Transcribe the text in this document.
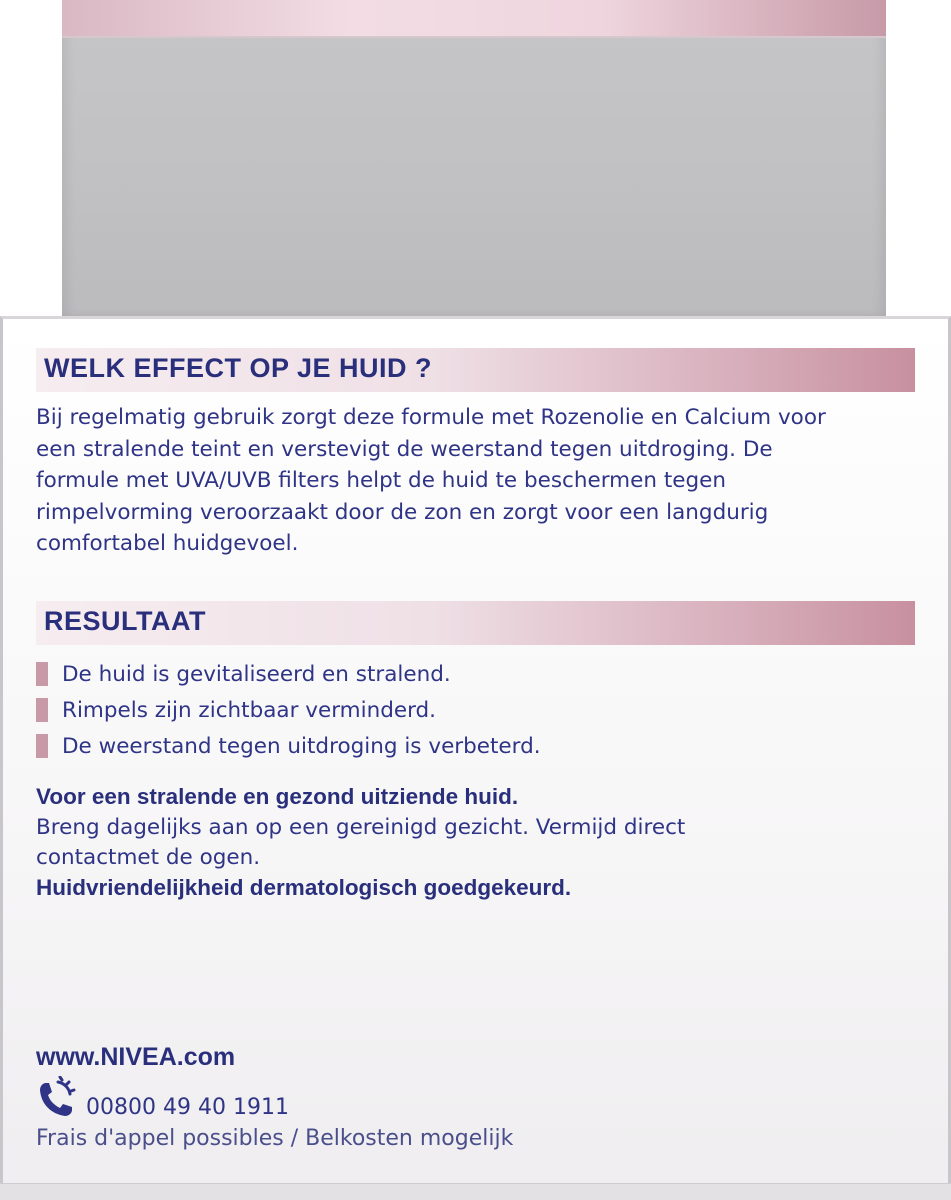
WELK EFFECT OP JE HUID ?
Bij regelmatig gebruik zorgt deze formule met Rozenolie en Calcium voor
een stralende teint en verstevigt de weerstand tegen uitdroging. De
formule met UVA/UVB filters helpt de huid te beschermen tegen
rimpelvorming veroorzaakt door de zon en zorgt voor een langdurig
comfortabel huidgevoel.
RESULTAAT
De huid is gevitaliseerd en stralend.
Rimpels zijn zichtbaar verminderd.
De weerstand tegen uitdroging is verbeterd.
Voor een stralende en gezond uitziende huid.
Breng dagelijks aan op een gereinigd gezicht. Vermijd direct
contactmet de ogen.
Huidvriendelijkheid dermatologisch goedgekeurd.
www.NIVEA.com
00800 49 40 1911
Frais d'appel possibles / Belkosten mogelijk
